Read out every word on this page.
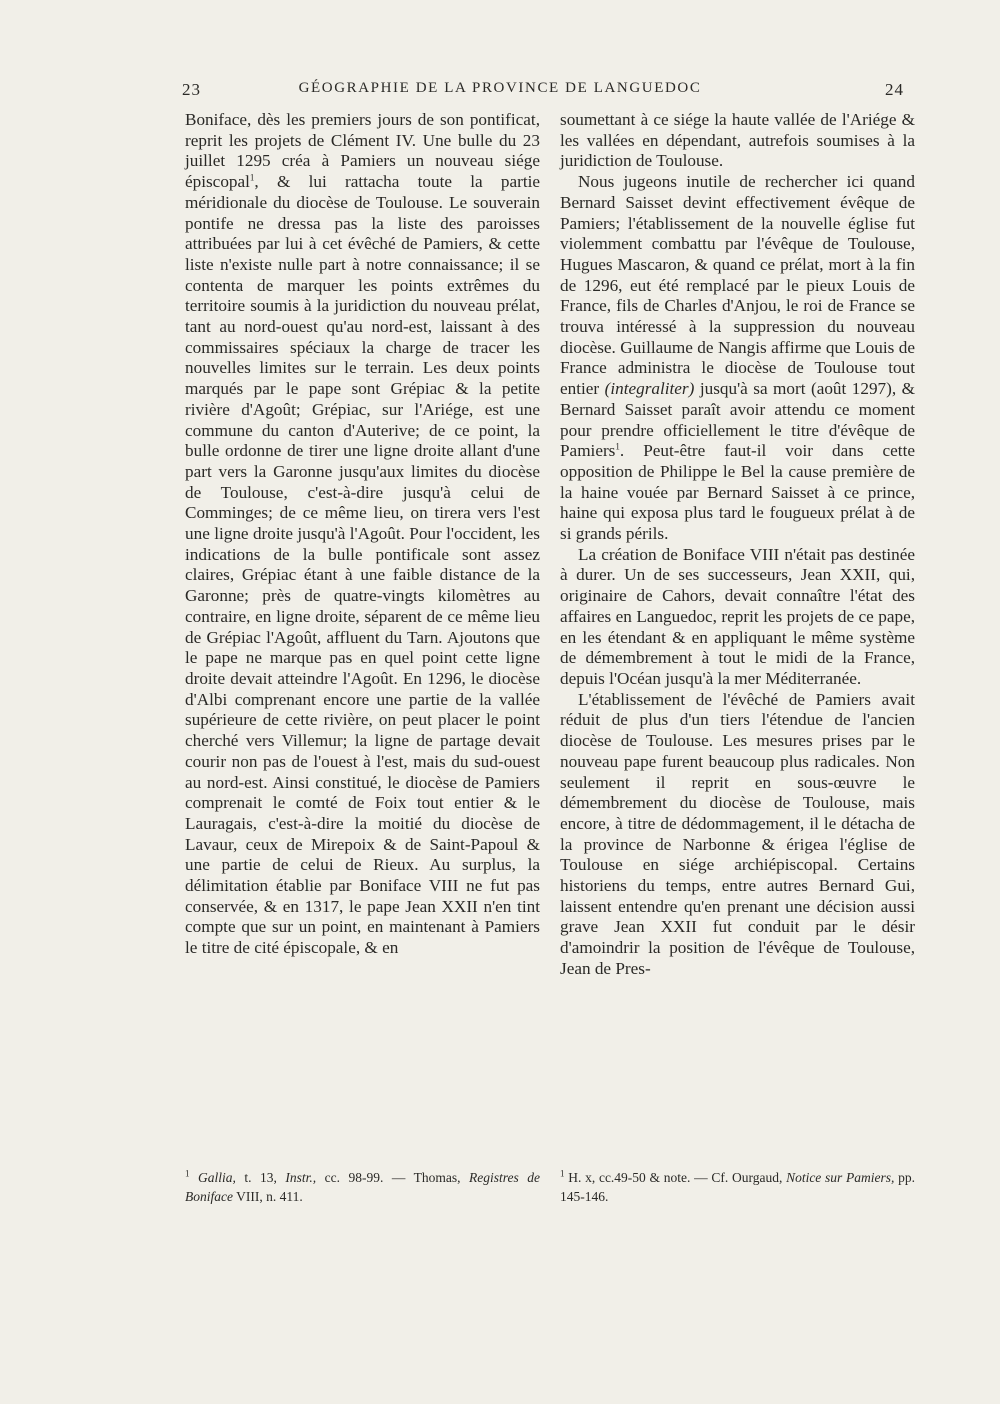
23	GÉOGRAPHIE DE LA PROVINCE DE LANGUEDOC	24

Boniface, dès les premiers jours de son pontificat, reprit les projets de Clément IV. Une bulle du 23 juillet 1295 créa à Pamiers un nouveau siége épiscopal$^1$, & lui rattacha toute la partie méridionale du diocèse de Toulouse. Le souverain pontife ne dressa pas la liste des paroisses attribuées par lui à cet évêché de Pamiers, & cette liste n'existe nulle part à notre connaissance; il se contenta de marquer les points extrêmes du territoire soumis à la juridiction du nouveau prélat, tant au nord-ouest qu'au nord-est, laissant à des commissaires spéciaux la charge de tracer les nouvelles limites sur le terrain. Les deux points marqués par le pape sont Grépiac & la petite rivière d'Agoût; Grépiac, sur l'Ariége, est une commune du canton d'Auterive; de ce point, la bulle ordonne de tirer une ligne droite allant d'une part vers la Garonne jusqu'aux limites du diocèse de Toulouse, c'est-à-dire jusqu'à celui de Comminges; de ce même lieu, on tirera vers l'est une ligne droite jusqu'à l'Agoût. Pour l'occident, les indications de la bulle pontificale sont assez claires, Grépiac étant à une faible distance de la Garonne; près de quatre-vingts kilomètres au contraire, en ligne droite, séparent de ce même lieu de Grépiac l'Agoût, affluent du Tarn. Ajoutons que le pape ne marque pas en quel point cette ligne droite devait atteindre l'Agoût. En 1296, le diocèse d'Albi comprenant encore une partie de la vallée supérieure de cette rivière, on peut placer le point cherché vers Villemur; la ligne de partage devait courir non pas de l'ouest à l'est, mais du sud-ouest au nord-est. Ainsi constitué, le diocèse de Pamiers comprenait le comté de Foix tout entier & le Lauragais, c'est-à-dire la moitié du diocèse de Lavaur, ceux de Mirepoix & de Saint-Papoul & une partie de celui de Rieux. Au surplus, la délimitation établie par Boniface VIII ne fut pas conservée, & en 1317, le pape Jean XXII n'en tint compte que sur un point, en maintenant à Pamiers le titre de cité épiscopale, & en

soumettant à ce siége la haute vallée de l'Ariége & les vallées en dépendant, autrefois soumises à la juridiction de Toulouse.

Nous jugeons inutile de rechercher ici quand Bernard Saisset devint effectivement évêque de Pamiers; l'établissement de la nouvelle église fut violemment combattu par l'évêque de Toulouse, Hugues Mascaron, & quand ce prélat, mort à la fin de 1296, eut été remplacé par le pieux Louis de France, fils de Charles d'Anjou, le roi de France se trouva intéressé à la suppression du nouveau diocèse. Guillaume de Nangis affirme que Louis de France administra le diocèse de Toulouse tout entier (integraliter) jusqu'à sa mort (août 1297), & Bernard Saisset paraît avoir attendu ce moment pour prendre officiellement le titre d'évêque de Pamiers$^1$. Peut-être faut-il voir dans cette opposition de Philippe le Bel la cause première de la haine vouée par Bernard Saisset à ce prince, haine qui exposa plus tard le fougueux prélat à de si grands périls.

La création de Boniface VIII n'était pas destinée à durer. Un de ses successeurs, Jean XXII, qui, originaire de Cahors, devait connaître l'état des affaires en Languedoc, reprit les projets de ce pape, en les étendant & en appliquant le même système de démembrement à tout le midi de la France, depuis l'Océan jusqu'à la mer Méditerranée.

L'établissement de l'évêché de Pamiers avait réduit de plus d'un tiers l'étendue de l'ancien diocèse de Toulouse. Les mesures prises par le nouveau pape furent beaucoup plus radicales. Non seulement il reprit en sous-œuvre le démembrement du diocèse de Toulouse, mais encore, à titre de dédommagement, il le détacha de la province de Narbonne & érigea l'église de Toulouse en siége archiépiscopal. Certains historiens du temps, entre autres Bernard Gui, laissent entendre qu'en prenant une décision aussi grave Jean XXII fut conduit par le désir d'amoindrir la position de l'évêque de Toulouse, Jean de Pres-

$^1$ Gallia, t. 13, Instr., cc. 98-99. — Thomas, Registres de Boniface VIII, n. 411.
$^1$ H. x, cc.49-50 & note. — Cf. Ourgaud, Notice sur Pamiers, pp. 145-146.
